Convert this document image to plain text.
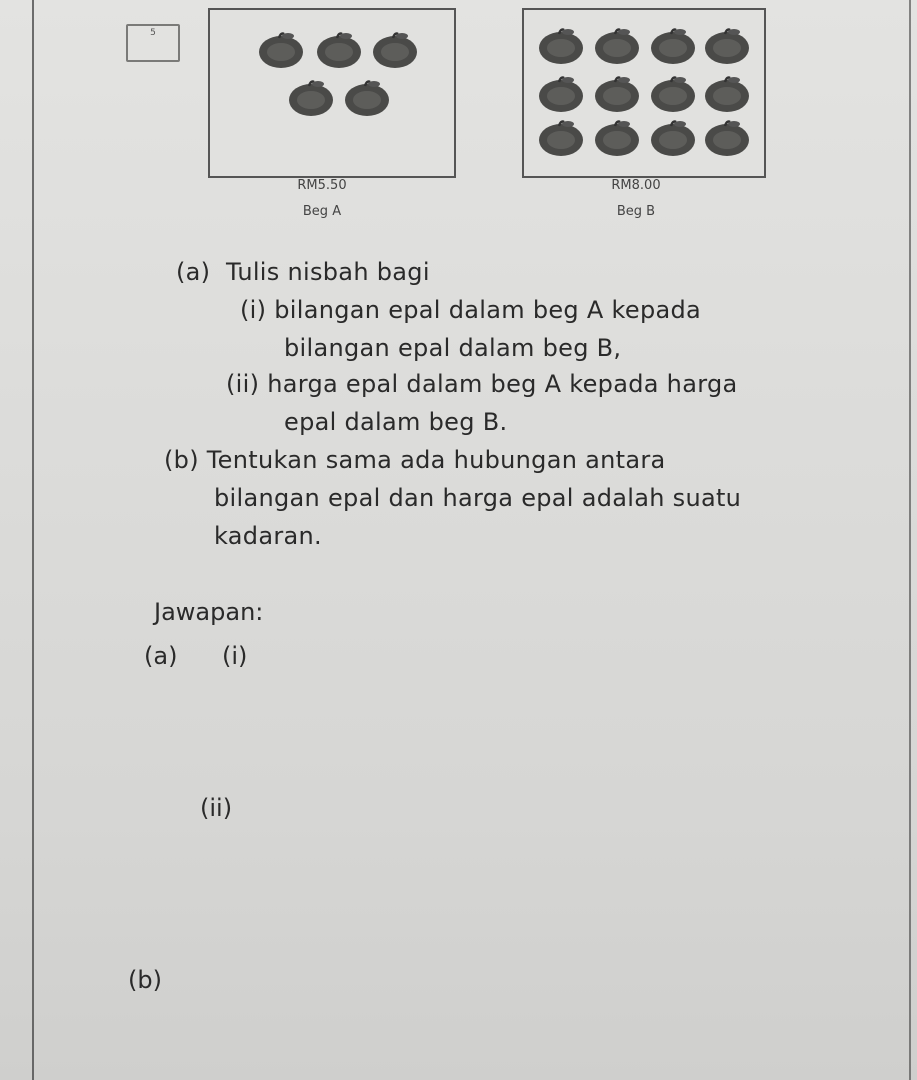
5
RM5.50
Beg A
RM8.00
Beg B
(a) Tulis nisbah bagi
(i) bilangan epal dalam beg A kepada
bilangan epal dalam beg B,
(ii) harga epal dalam beg A kepada harga
epal dalam beg B.
(b) Tentukan sama ada hubungan antara
bilangan epal dan harga epal adalah suatu
kadaran.
Jawapan:
(a) (i)
(ii)
(b)
